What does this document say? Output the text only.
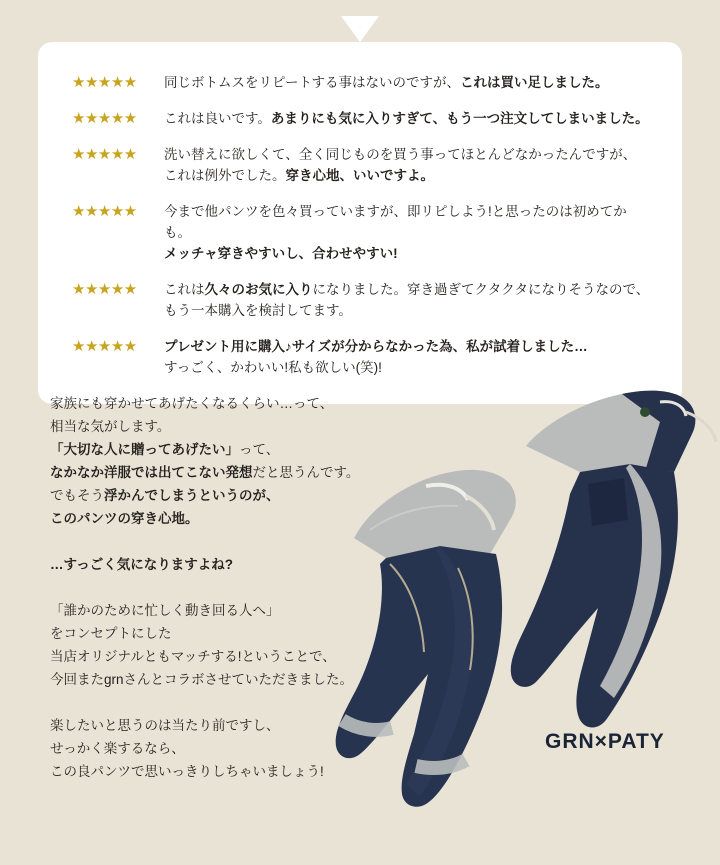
★★★★★	同じボトムスをリピートする事はないのですが、これは買い足しました。
★★★★★	これは良いです。あまりにも気に入りすぎて、もう一つ注文してしまいました。
★★★★★	洗い替えに欲しくて、全く同じものを買う事ってほとんどなかったんですが、
これは例外でした。穿き心地、いいですよ。
★★★★★	今まで他パンツを色々買っていますが、即リピしよう!と思ったのは初めてかも。
メッチャ穿きやすいし、合わせやすい!
★★★★★	これは久々のお気に入りになりました。穿き過ぎてクタクタになりそうなので、
もう一本購入を検討してます。
★★★★★	プレゼント用に購入♪サイズが分からなかった為、私が試着しました…
すっごく、かわいい!私も欲しい(笑)!

家族にも穿かせてあげたくなるくらい…って、
相当な気がします。
「大切な人に贈ってあげたい」って、
なかなか洋服では出てこない発想だと思うんです。
でもそう浮かんでしまうというのが、
このパンツの穿き心地。

…すっごく気になりますよね?

「誰かのために忙しく動き回る人へ」
をコンセプトにした
当店オリジナルともマッチする!ということで、
今回またgrnさんとコラボさせていただきました。

楽したいと思うのは当たり前ですし、
せっかく楽するなら、
この良パンツで思いっきりしちゃいましょう!

GRN×PATY
